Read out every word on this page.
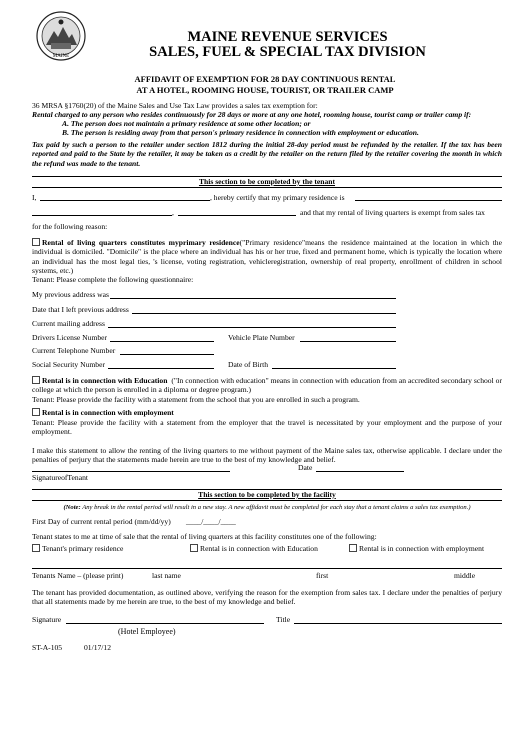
MAINE
MAINE REVENUE SERVICES
SALES, FUEL & SPECIAL TAX DIVISION
AFFIDAVIT OF EXEMPTION FOR 28 DAY CONTINUOUS RENTAL
AT A HOTEL, ROOMING HOUSE, TOURIST, OR TRAILER CAMP
36 MRSA §1760(20) of the Maine Sales and Use Tax Law provides a sales tax exemption for:
Rental charged to any person who resides continuously for 28 days or more at any one hotel, rooming house, tourist camp or trailer camp if:
A. The person does not maintain a primary residence at some other location; or
B. The person is residing away from that person's primary residence in connection with employment or education.
Tax paid by such a person to the retailer under section 1812 during the initial 28-day period must be refunded by the retailer. If the tax has been reported and paid to the State by the retailer, it may be taken as a credit by the retailer on the return filed by the retailer covering the month in which the refund was made to the tenant.
This section to be completed by the tenant
I,	, hereby certify that my primary residence is
,	and that my rental of living quarters is exempt from sales tax
for the following reason:
Rental of living quarters constitutes myprimary residence("Primary residence"means the residence maintained at the location in which the individual is domiciled. "Domicile" is the place where an individual has his or her true, fixed and permanent home, which is typically the location where an individual has the most legal ties, 's license, voting registration, vehicleregistration, ownership of real property, enrollment of children in school systems, etc.)
Tenant: Please complete the following questionnaire:
My previous address was
Date that I left previous address
Current mailing address
Drivers License Number	Vehicle Plate Number
Current Telephone Number
Social Security Number	Date of Birth
Rental is in connection with Education ("In connection with education" means in connection with education from an accredited secondary school or college at which the person is enrolled in a diploma or degree program.)
Tenant: Please provide the facility with a statement from the school that you are enrolled in such a program.
Rental is in connection with employment
Tenant: Please provide the facility with a statement from the employer that the travel is necessitated by your employment and the purpose of your employment.
I make this statement to allow the renting of the living quarters to me without payment of the Maine sales tax, otherwise applicable. I declare under the penalties of perjury that the statements made herein are true to the best of my knowledge and belief.
Date
SignatureofTenant
This section to be completed by the facility
(Note: Any break in the rental period will result in a new stay. A new affidavit must be completed for each stay that a tenant claims a sales tax exemption.)
First Day of current rental period (mm/dd/yy) ____/____/____
Tenant states to me at time of sale that the rental of living quarters at this facility constitutes one of the following:
Tenant's primary residence	Rental is in connection with Education	Rental is in connection with employment
Tenants Name – (please print)	last name	first	middle
The tenant has provided documentation, as outlined above, verifying the reason for the exemption from sales tax. I declare under the penalties of perjury that all statements made by me herein are true, to the best of my knowledge and belief.
Signature	Title
(Hotel Employee)
ST-A-105	01/17/12
